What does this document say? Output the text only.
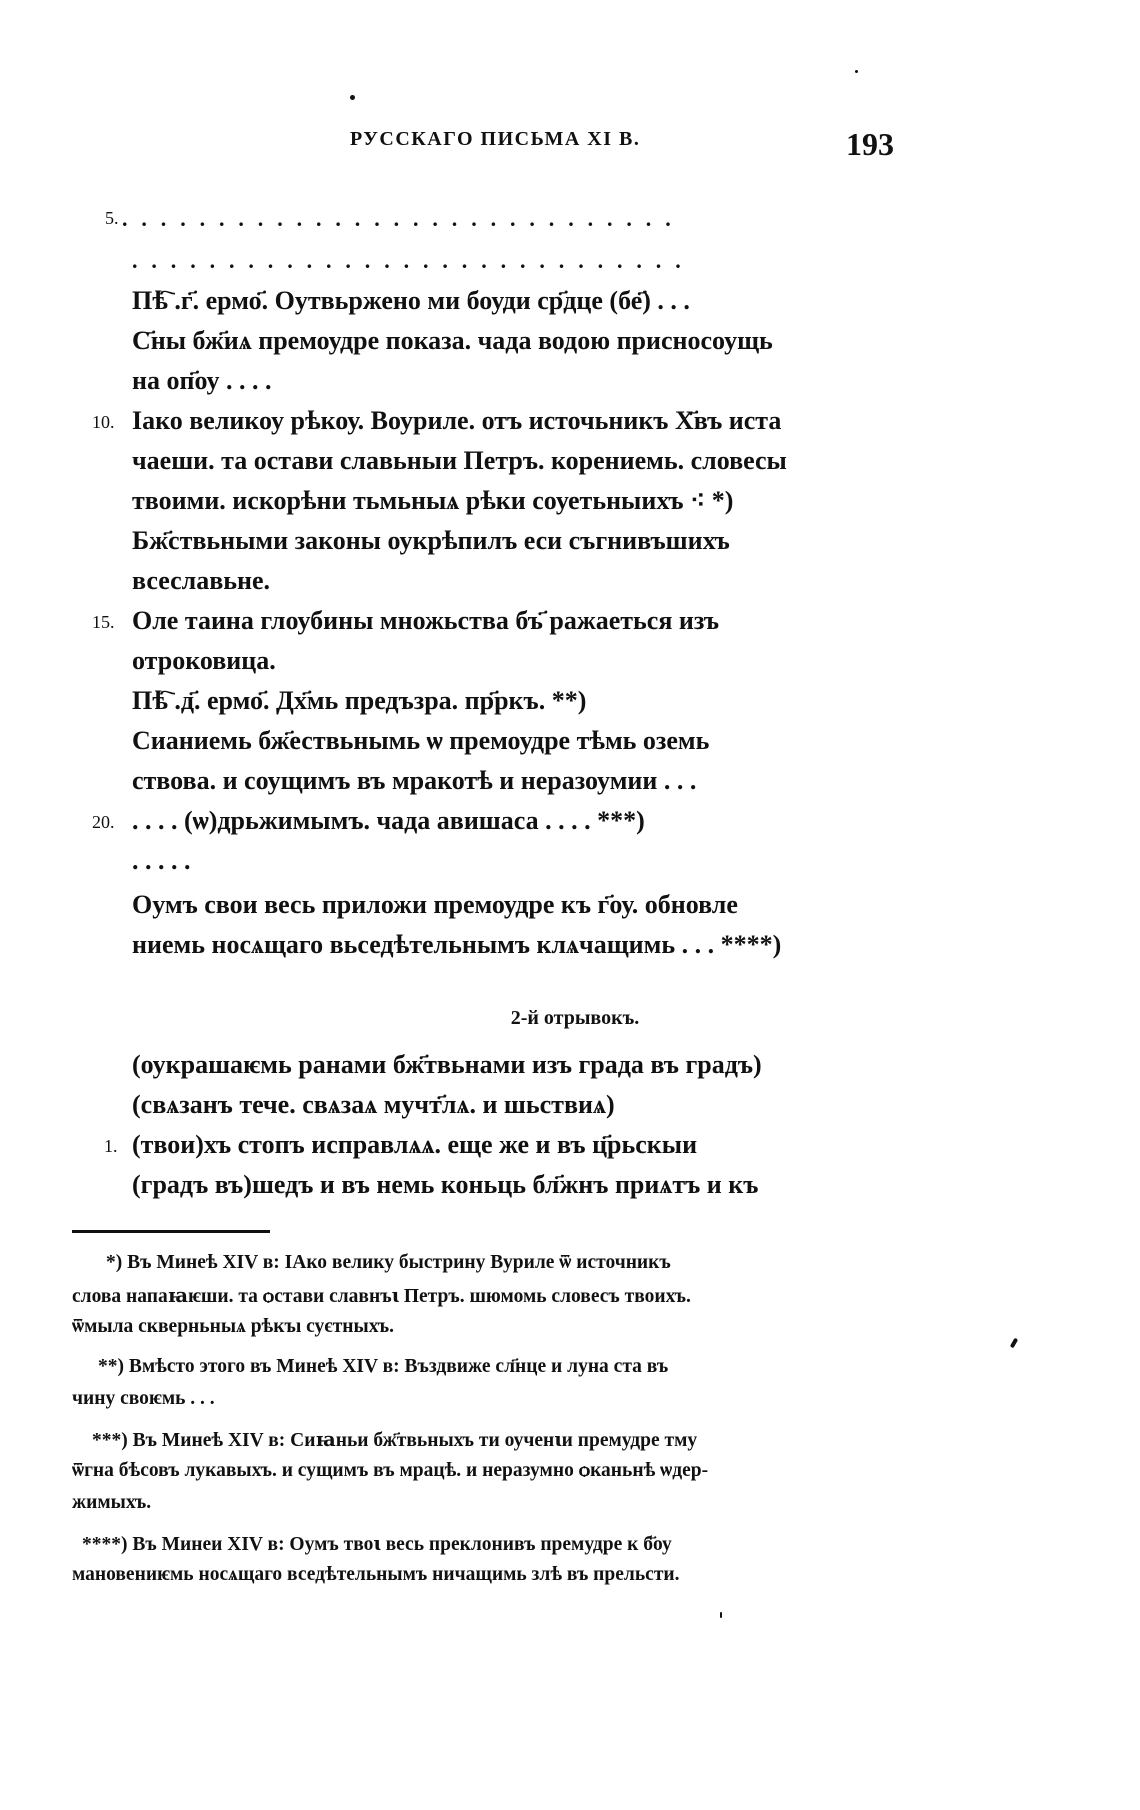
РУССКАГО ПИСЬМА XI В.	193
5. . . . . . . . . . . . . . . . . . . . . . . . . . . . . .
. . . . . . . . . . . . . . . . . . . . . . . . . . . . .
Пѣ҇ .г҃. ермо҃. Оутвьржено ми боуди ср҃дце (бе҃) . . .
С҃ны бж҃иѧ премоудре показа. чада водою присносоущь
на оп҃оу . . . .
10. Іако великоу рѣкоу. Воуриле. отъ источьникъ Х҃въ иста
чаеши. та остави славьныи Петръ. корениемь. словесы
твоими. искорѣни тьмьныѧ рѣки соуетьныихъ ⁖ *)
Бж҃ствьными законы оукрѣпилъ еси съгнивъшихъ
всеславьне.
15. Оле таина глоубины множьства бъ҃ ражаеться изъ
отроковица.
Пѣ҇ .д҃. ермо҃. Дх҃мь предъзра. пр҃ркъ. **)
Сианиемь бж҃ествьнымь ѡ премоудре тѣмь оземь
ствова. и соущимъ въ мракотѣ и неразоумии . . .
20. . . . . (ѡ)дрьжимымъ. чада авишаса . . . . ***)
. . . . .
Оумъ свои весь приложи премоудре къ г҃оу. обновле
ниемь носѧщаго вьседѣтельнымъ клѧчащимь . . . ****)
2-й отрывокъ.
(оукрашаѥмь ранами бж҃твьнами изъ града въ градъ)
(свѧзанъ тече. свѧзаѧ мучт҃лѧ. и шьствиѧ)
1. (твои)хъ стопъ исправлѧѧ. еще же и въ ц҃рьскыи
(градъ въ)шедъ и въ немь коньць бл҃жнъ приѧтъ и къ
*) Въ Минеѣ XIV в: ІАко велику быстрину Вуриле ѿ источникъ
слова напаꙗѥши. та ѻстави славнъꙇ Петръ. шюмомь словесъ твоихъ.
ѿмыла скверньныѧ рѣкъı суєтныхъ.
**) Вмѣсто этого въ Минеѣ XIV в: Въздвиже сл҃нце и луна ста въ
чину своѥмь . . .
***) Въ Минеѣ XIV в: Сиꙗньи бж҃твьныхъ ти оученꙇи премудре тму
ѿгна бѣсовъ лукавыхъ. и сущимъ въ мрацѣ. и неразумно ѻканьнѣ ѡдер-
жимыхъ.
****) Въ Минеи XIV в: Оумъ твоꙇ весь преклонивъ премудре к б҃оу
мановениѥмь носѧщаго вседѣтельнымъ ничащимь злѣ въ прельсти.
